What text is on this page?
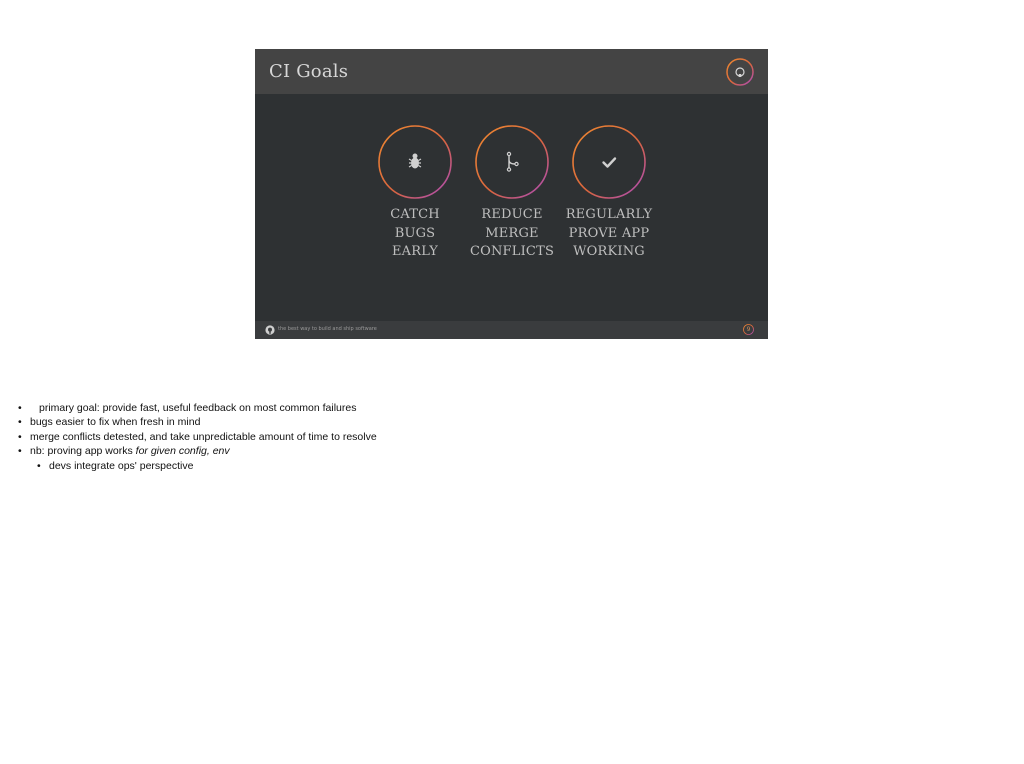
CI Goals
CATCH
BUGS
EARLY
REDUCE
MERGE
CONFLICTS
REGULARLY
PROVE APP
WORKING
the best way to build and ship software	9
• primary goal: provide fast, useful feedback on most common failures
• bugs easier to fix when fresh in mind
• merge conflicts detested, and take unpredictable amount of time to resolve
• nb: proving app works for given config, env
• devs integrate ops' perspective
